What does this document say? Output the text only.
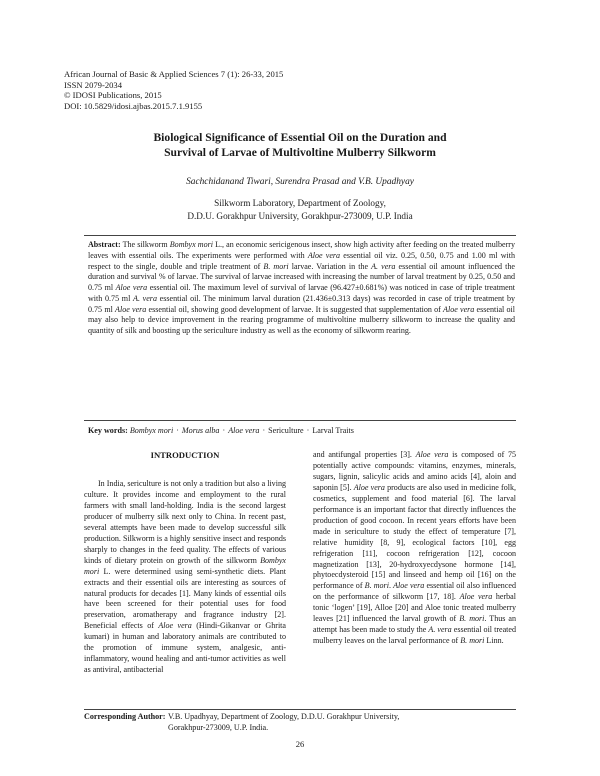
African Journal of Basic & Applied Sciences 7 (1): 26-33, 2015
ISSN 2079-2034
© IDOSI Publications, 2015
DOI: 10.5829/idosi.ajbas.2015.7.1.9155
Biological Significance of Essential Oil on the Duration and
Survival of Larvae of Multivoltine Mulberry Silkworm
Sachchidanand Tiwari, Surendra Prasad and V.B. Upadhyay
Silkworm Laboratory, Department of Zoology,
D.D.U. Gorakhpur University, Gorakhpur-273009, U.P. India
Abstract: The silkworm Bombyx mori L., an economic sericigenous insect, show high activity after feeding on the treated mulberry leaves with essential oils. The experiments were performed with Aloe vera essential oil viz. 0.25, 0.50, 0.75 and 1.00 ml with respect to the single, double and triple treatment of B. mori larvae. Variation in the A. vera essential oil amount influenced the duration and survival % of larvae. The survival of larvae increased with increasing the number of larval treatment by 0.25, 0.50 and 0.75 ml Aloe vera essential oil. The maximum level of survival of larvae (96.427±0.681%) was noticed in case of triple treatment with 0.75 ml A. vera essential oil. The minimum larval duration (21.436±0.313 days) was recorded in case of triple treatment by 0.75 ml Aloe vera essential oil, showing good development of larvae. It is suggested that supplementation of Aloe vera essential oil may also help to device improvement in the rearing programme of multivoltine mulberry silkworm to increase the quality and quantity of silk and boosting up the sericulture industry as well as the economy of silkworm rearing.
Key words: Bombyx mori · Morus alba · Aloe vera · Sericulture · Larval Traits
INTRODUCTION

In India, sericulture is not only a tradition but also a living culture. It provides income and employment to the rural farmers with small land-holding. India is the second largest producer of mulberry silk next only to China. In recent past, several attempts have been made to develop successful silk production. Silkworm is a highly sensitive insect and responds sharply to changes in the feed quality. The effects of various kinds of dietary protein on growth of the silkworm Bombyx mori L. were determined using semi-synthetic diets. Plant extracts and their essential oils are interesting as sources of natural products for decades [1]. Many kinds of essential oils have been screened for their potential uses for food preservation, aromatherapy and fragrance industry [2]. Beneficial effects of Aloe vera (Hindi-Gikanvar or Ghrita kumari) in human and laboratory animals are contributed to the promotion of immune system, analgesic, anti-inflammatory, wound healing and anti-tumor activities as well as antiviral, antibacterial

and antifungal properties [3]. Aloe vera is composed of 75 potentially active compounds: vitamins, enzymes, minerals, sugars, lignin, salicylic acids and amino acids [4], aloin and saponin [5]. Aloe vera products are also used in medicine folk, cosmetics, supplement and food material [6]. The larval performance is an important factor that directly influences the production of good cocoon. In recent years efforts have been made in sericulture to study the effect of temperature [7], relative humidity [8, 9], ecological factors [10], egg refrigeration [11], cocoon refrigeration [12], cocoon magnetization [13], 20-hydroxyecdysone hormone [14], phytoecdysteroid [15] and linseed and hemp oil [16] on the performance of B. mori. Aloe vera essential oil also influenced on the performance of silkworm [17, 18]. Aloe vera herbal tonic ‘logen’ [19], Alloe [20] and Aloe tonic treated mulberry leaves [21] influenced the larval growth of B. mori. Thus an attempt has been made to study the A. vera essential oil treated mulberry leaves on the larval performance of B. mori Linn.

Corresponding Author: V.B. Upadhyay, Department of Zoology, D.D.U. Gorakhpur University,
Gorakhpur-273009, U.P. India.
26
